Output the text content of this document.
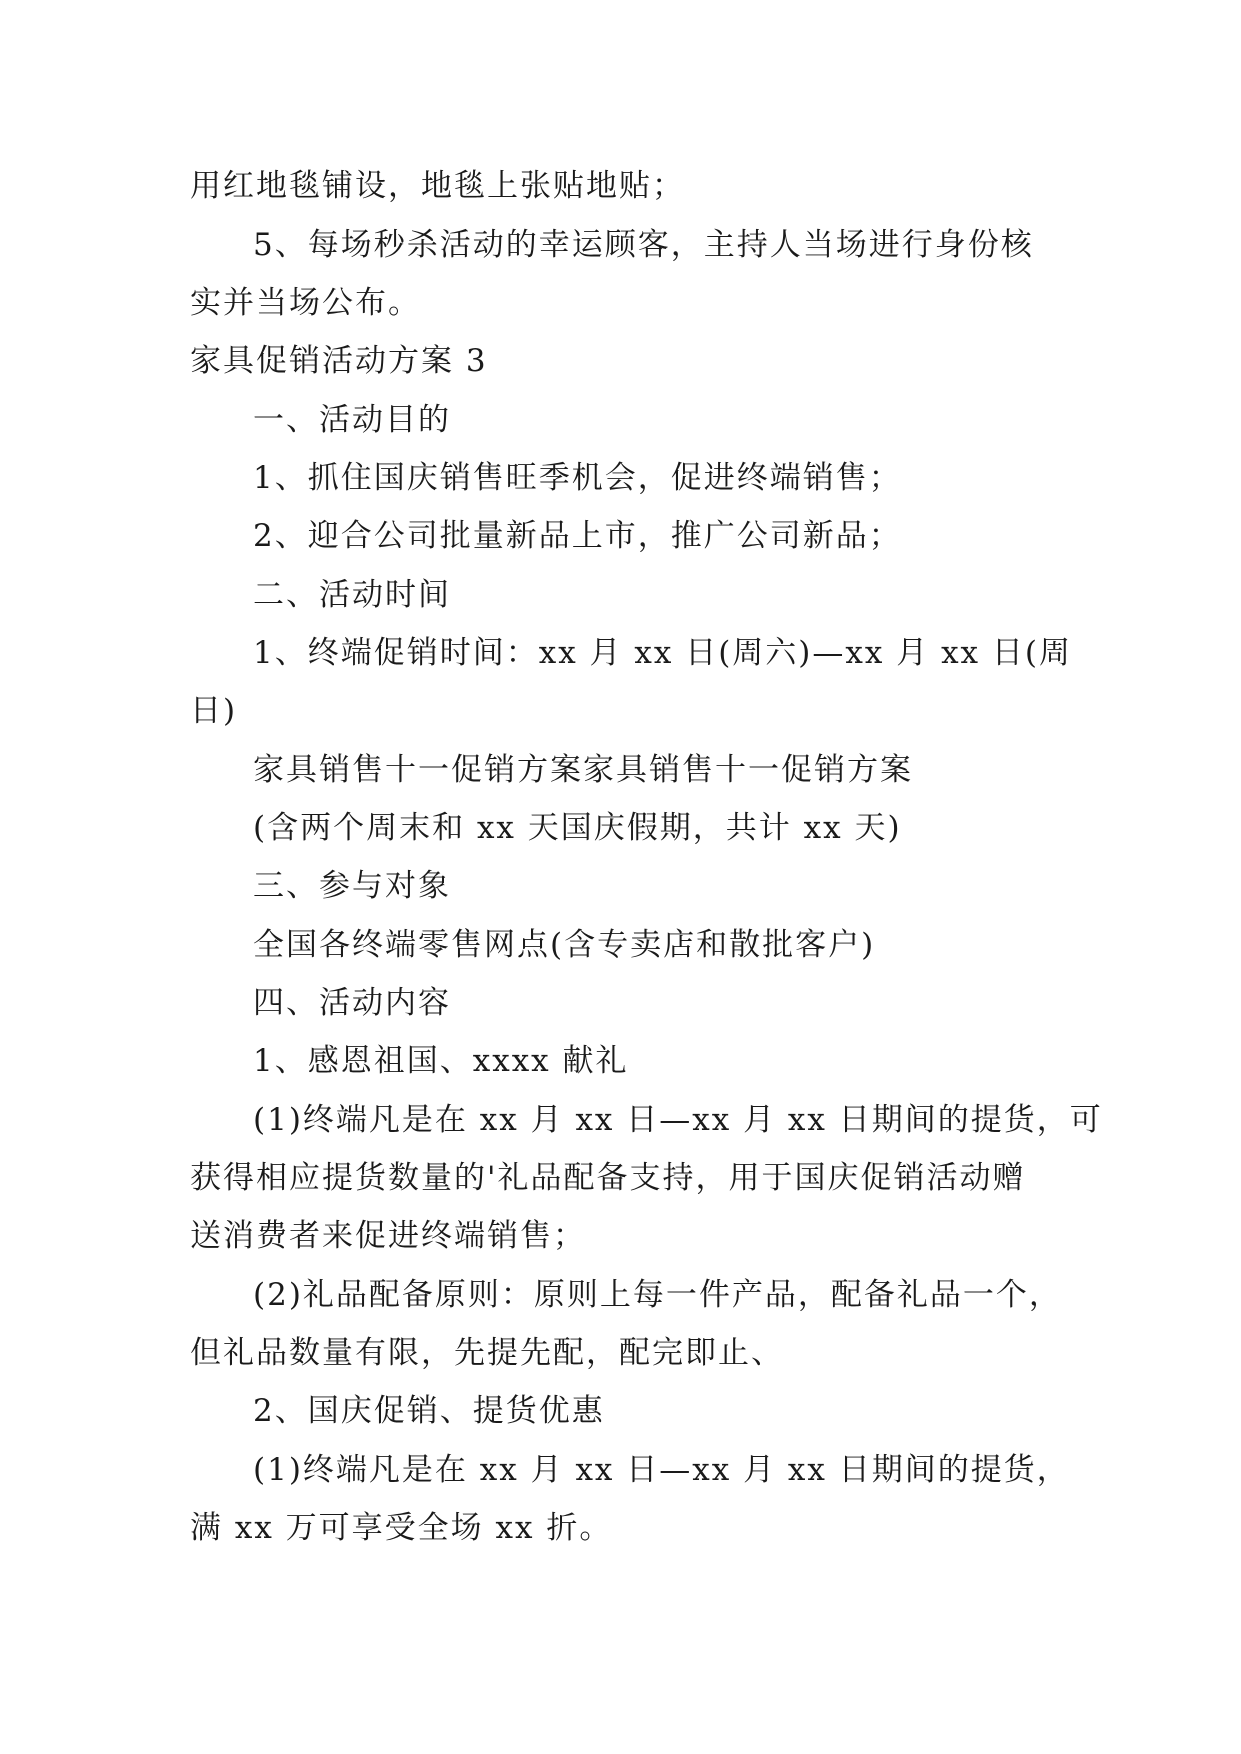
用红地毯铺设，地毯上张贴地贴；
5、每场秒杀活动的幸运顾客，主持人当场进行身份核
实并当场公布。
家具促销活动方案 3
一、活动目的
1、抓住国庆销售旺季机会，促进终端销售；
2、迎合公司批量新品上市，推广公司新品；
二、活动时间
1、终端促销时间：xx 月 xx 日(周六)—xx 月 xx 日(周
日)
家具销售十一促销方案家具销售十一促销方案
(含两个周末和 xx 天国庆假期，共计 xx 天)
三、参与对象
全国各终端零售网点(含专卖店和散批客户)
四、活动内容
1、感恩祖国、xxxx 献礼
(1)终端凡是在 xx 月 xx 日—xx 月 xx 日期间的提货，可
获得相应提货数量的'礼品配备支持，用于国庆促销活动赠
送消费者来促进终端销售；
(2)礼品配备原则：原则上每一件产品，配备礼品一个，
但礼品数量有限，先提先配，配完即止、
2、国庆促销、提货优惠
(1)终端凡是在 xx 月 xx 日—xx 月 xx 日期间的提货，
满 xx 万可享受全场 xx 折。
